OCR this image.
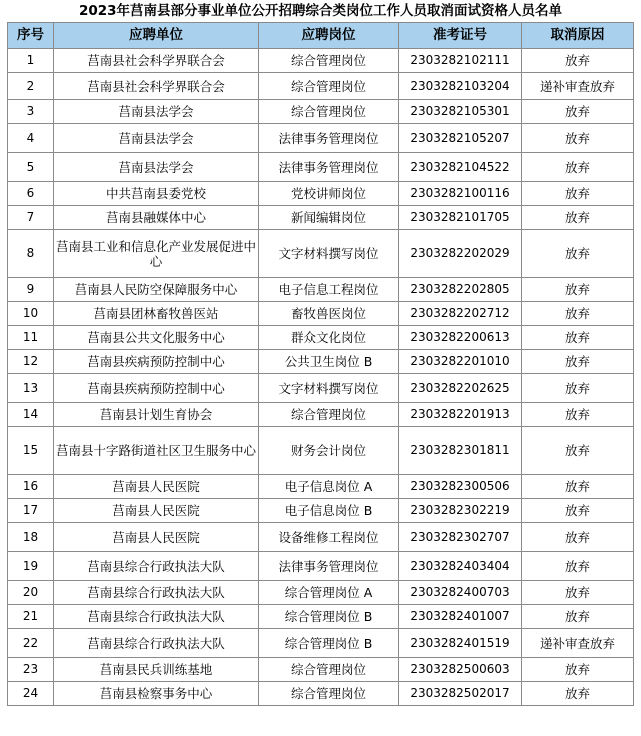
2023年莒南县部分事业单位公开招聘综合类岗位工作人员取消面试资格人员名单
序号	应聘单位	应聘岗位	准考证号	取消原因
1	莒南县社会科学界联合会	综合管理岗位	2303282102111	放弃
2	莒南县社会科学界联合会	综合管理岗位	2303282103204	递补审查放弃
3	莒南县法学会	综合管理岗位	2303282105301	放弃
4	莒南县法学会	法律事务管理岗位	2303282105207	放弃
5	莒南县法学会	法律事务管理岗位	2303282104522	放弃
6	中共莒南县委党校	党校讲师岗位	2303282100116	放弃
7	莒南县融媒体中心	新闻编辑岗位	2303282101705	放弃
8	莒南县工业和信息化产业发展促进中心	文字材料撰写岗位	2303282202029	放弃
9	莒南县人民防空保障服务中心	电子信息工程岗位	2303282202805	放弃
10	莒南县团林畜牧兽医站	畜牧兽医岗位	2303282202712	放弃
11	莒南县公共文化服务中心	群众文化岗位	2303282200613	放弃
12	莒南县疾病预防控制中心	公共卫生岗位 B	2303282201010	放弃
13	莒南县疾病预防控制中心	文字材料撰写岗位	2303282202625	放弃
14	莒南县计划生育协会	综合管理岗位	2303282201913	放弃
15	莒南县十字路街道社区卫生服务中心	财务会计岗位	2303282301811	放弃
16	莒南县人民医院	电子信息岗位 A	2303282300506	放弃
17	莒南县人民医院	电子信息岗位 B	2303282302219	放弃
18	莒南县人民医院	设备维修工程岗位	2303282302707	放弃
19	莒南县综合行政执法大队	法律事务管理岗位	2303282403404	放弃
20	莒南县综合行政执法大队	综合管理岗位 A	2303282400703	放弃
21	莒南县综合行政执法大队	综合管理岗位 B	2303282401007	放弃
22	莒南县综合行政执法大队	综合管理岗位 B	2303282401519	递补审查放弃
23	莒南县民兵训练基地	综合管理岗位	2303282500603	放弃
24	莒南县检察事务中心	综合管理岗位	2303282502017	放弃
